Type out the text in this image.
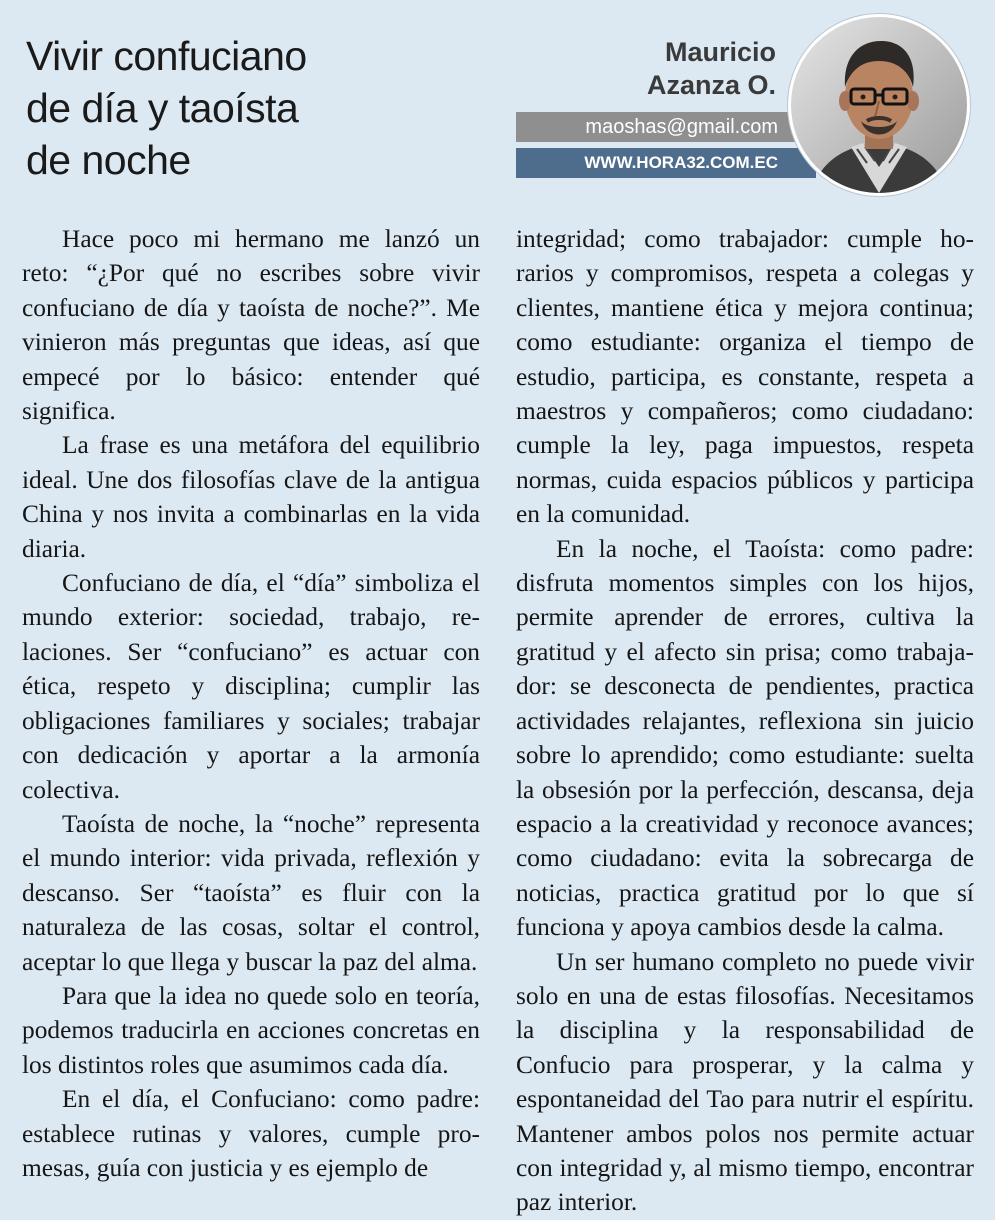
Vivir confuciano
de día y taoísta
de noche
Mauricio
Azanza O.
maoshas@gmail.com
WWW.HORA32.COM.EC

Hace poco mi hermano me lanzó un reto: “¿Por qué no escribes sobre vivir confuciano de día y taoísta de noche?”. Me vinieron más preguntas que ideas, así que empecé por lo básico: entender qué significa.

La frase es una metáfora del equilibrio ideal. Une dos filosofías clave de la antigua China y nos invita a combinarlas en la vida diaria.

Confuciano de día, el “día” simboliza el mundo exterior: sociedad, trabajo, relaciones. Ser “confuciano” es actuar con ética, respeto y disciplina; cumplir las obligaciones familiares y sociales; trabajar con dedicación y aportar a la armonía colectiva.

Taoísta de noche, la “noche” representa el mundo interior: vida privada, reflexión y descanso. Ser “taoísta” es fluir con la naturaleza de las cosas, soltar el control, aceptar lo que llega y buscar la paz del alma.

Para que la idea no quede solo en teoría, podemos traducirla en acciones concretas en los distintos roles que asumimos cada día.

En el día, el Confuciano: como padre: establece rutinas y valores, cumple promesas, guía con justicia y es ejemplo de

integridad; como trabajador: cumple horarios y compromisos, respeta a colegas y clientes, mantiene ética y mejora continua; como estudiante: organiza el tiempo de estudio, participa, es constante, respeta a maestros y compañeros; como ciudadano: cumple la ley, paga impuestos, respeta normas, cuida espacios públicos y participa en la comunidad.

En la noche, el Taoísta: como padre: disfruta momentos simples con los hijos, permite aprender de errores, cultiva la gratitud y el afecto sin prisa; como trabajador: se desconecta de pendientes, practica actividades relajantes, reflexiona sin juicio sobre lo aprendido; como estudiante: suelta la obsesión por la perfección, descansa, deja espacio a la creatividad y reconoce avances; como ciudadano: evita la sobrecarga de noticias, practica gratitud por lo que sí funciona y apoya cambios desde la calma.

Un ser humano completo no puede vivir solo en una de estas filosofías. Necesitamos la disciplina y la responsabilidad de Confucio para prosperar, y la calma y espontaneidad del Tao para nutrir el espíritu. Mantener ambos polos nos permite actuar con integridad y, al mismo tiempo, encontrar paz interior.
